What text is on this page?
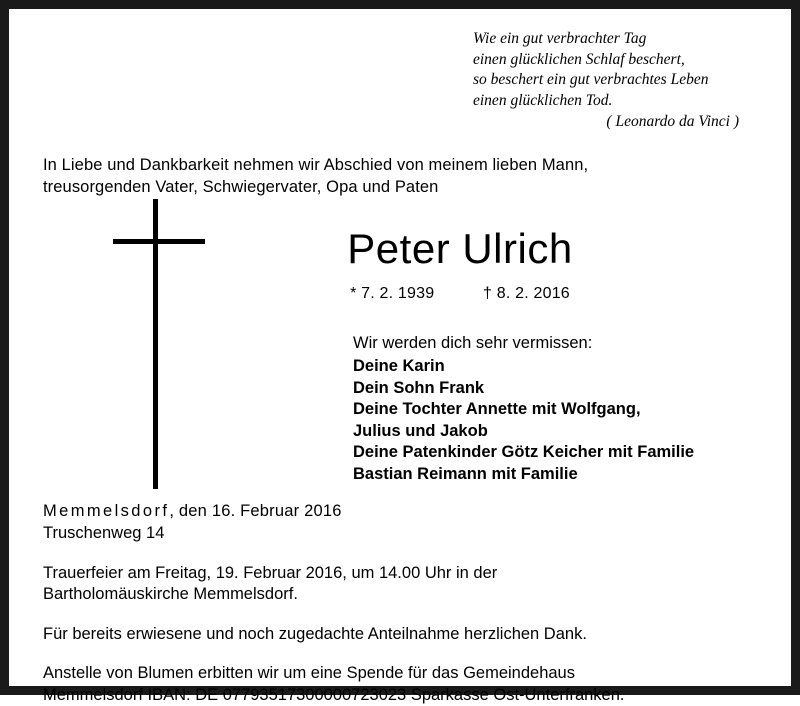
Wie ein gut verbrachter Tag
einen glücklichen Schlaf beschert,
so beschert ein gut verbrachtes Leben
einen glücklichen Tod.
( Leonardo da Vinci )
In Liebe und Dankbarkeit nehmen wir Abschied von meinem lieben Mann,
treusorgenden Vater, Schwiegervater, Opa und Paten
Peter Ulrich
* 7. 2. 1939	† 8. 2. 2016
Wir werden dich sehr vermissen:
Deine Karin
Dein Sohn Frank
Deine Tochter Annette mit Wolfgang,
Julius und Jakob
Deine Patenkinder Götz Keicher mit Familie
Bastian Reimann mit Familie
Memmelsdorf, den 16. Februar 2016
Truschenweg 14
Trauerfeier am Freitag, 19. Februar 2016, um 14.00 Uhr in der
Bartholomäuskirche Memmelsdorf.
Für bereits erwiesene und noch zugedachte Anteilnahme herzlichen Dank.
Anstelle von Blumen erbitten wir um eine Spende für das Gemeindehaus
Memmelsdorf IBAN: DE 07793517300000723023 Sparkasse Ost-Unterfranken.
